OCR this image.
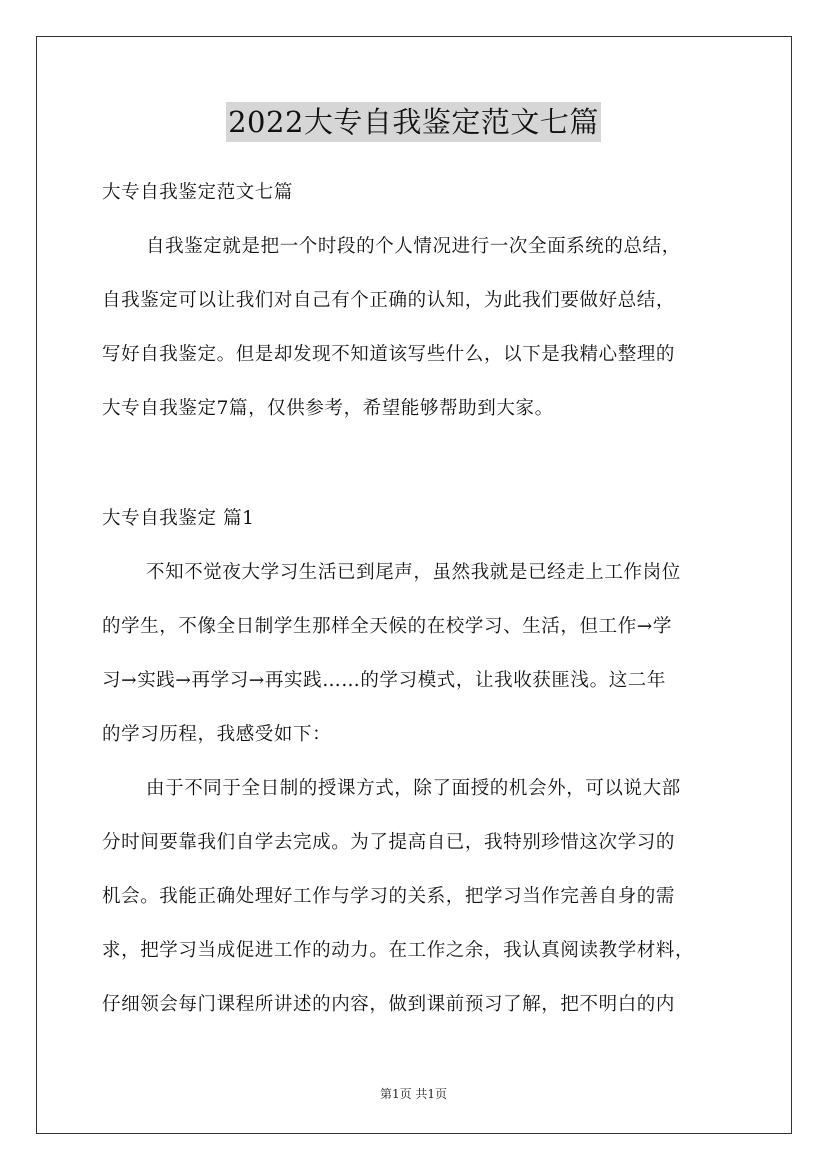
2022大专自我鉴定范文七篇
大专自我鉴定范文七篇
自我鉴定就是把一个时段的个人情况进行一次全面系统的总结，
自我鉴定可以让我们对自己有个正确的认知，为此我们要做好总结，
写好自我鉴定。但是却发现不知道该写些什么，以下是我精心整理的
大专自我鉴定7篇，仅供参考，希望能够帮助到大家。
大专自我鉴定 篇1
不知不觉夜大学习生活已到尾声，虽然我就是已经走上工作岗位
的学生，不像全日制学生那样全天候的在校学习、生活，但工作→学
习→实践→再学习→再实践……的学习模式，让我收获匪浅。这二年
的学习历程，我感受如下：
由于不同于全日制的授课方式，除了面授的机会外，可以说大部
分时间要靠我们自学去完成。为了提高自已，我特别珍惜这次学习的
机会。我能正确处理好工作与学习的关系，把学习当作完善自身的需
求，把学习当成促进工作的动力。在工作之余，我认真阅读教学材料，
仔细领会每门课程所讲述的内容，做到课前预习了解，把不明白的内
第1页 共1页
